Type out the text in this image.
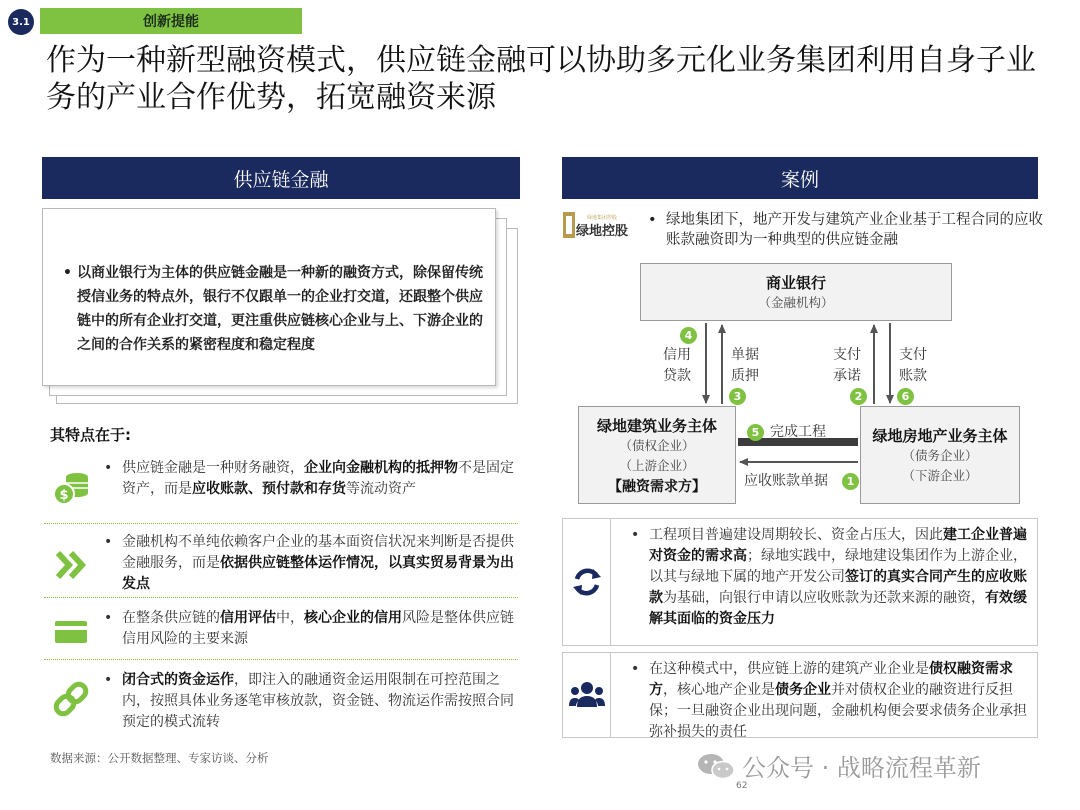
3.1	创新提能
作为一种新型融资模式，供应链金融可以协助多元化业务集团利用自身子业务的产业合作优势，拓宽融资来源
供应链金融

• 以商业银行为主体的供应链金融是一种新的融资方式，除保留传统授信业务的特点外，银行不仅跟单一的企业打交道，还跟整个供应链中的所有企业打交道，更注重供应链核心企业与上、下游企业的之间的合作关系的紧密程度和稳定程度

其特点在于:
$
• 供应链金融是一种财务融资，企业向金融机构的抵押物不是固定资产，而是应收账款、预付款和存货等流动资产
• 金融机构不单纯依赖客户企业的基本面资信状况来判断是否提供金融服务，而是依据供应链整体运作情况，以真实贸易背景为出发点
• 在整条供应链的信用评估中，核心企业的信用风险是整体供应链信用风险的主要来源
• 闭合式的资金运作，即注入的融通资金运用限制在可控范围之内，按照具体业务逐笔审核放款，资金链、物流运作需按照合同预定的模式流转
数据来源：公开数据整理、专家访谈、分析
案例
绿地集团控股
绿地控股
• 绿地集团下，地产开发与建筑产业企业基于工程合同的应收账款融资即为一种典型的供应链金融
商业银行
（金融机构）
绿地建筑业务主体
（债权企业）
（上游企业）
【融资需求方】
绿地房地产业务主体
（债务企业）
（下游企业）
4
信用
贷款
单据
质押
3
支付
承诺
2
支付
账款
6
5 完成工程
应收账款单据	1
• 工程项目普遍建设周期较长、资金占压大，因此建工企业普遍对资金的需求高；绿地实践中，绿地建设集团作为上游企业，以其与绿地下属的地产开发公司签订的真实合同产生的应收账款为基础，向银行申请以应收账款为还款来源的融资，有效缓解其面临的资金压力
• 在这种模式中，供应链上游的建筑产业企业是债权融资需求方，核心地产企业是债务企业并对债权企业的融资进行反担保；一旦融资企业出现问题，金融机构便会要求债务企业承担弥补损失的责任
公众号 · 战略流程革新
62
